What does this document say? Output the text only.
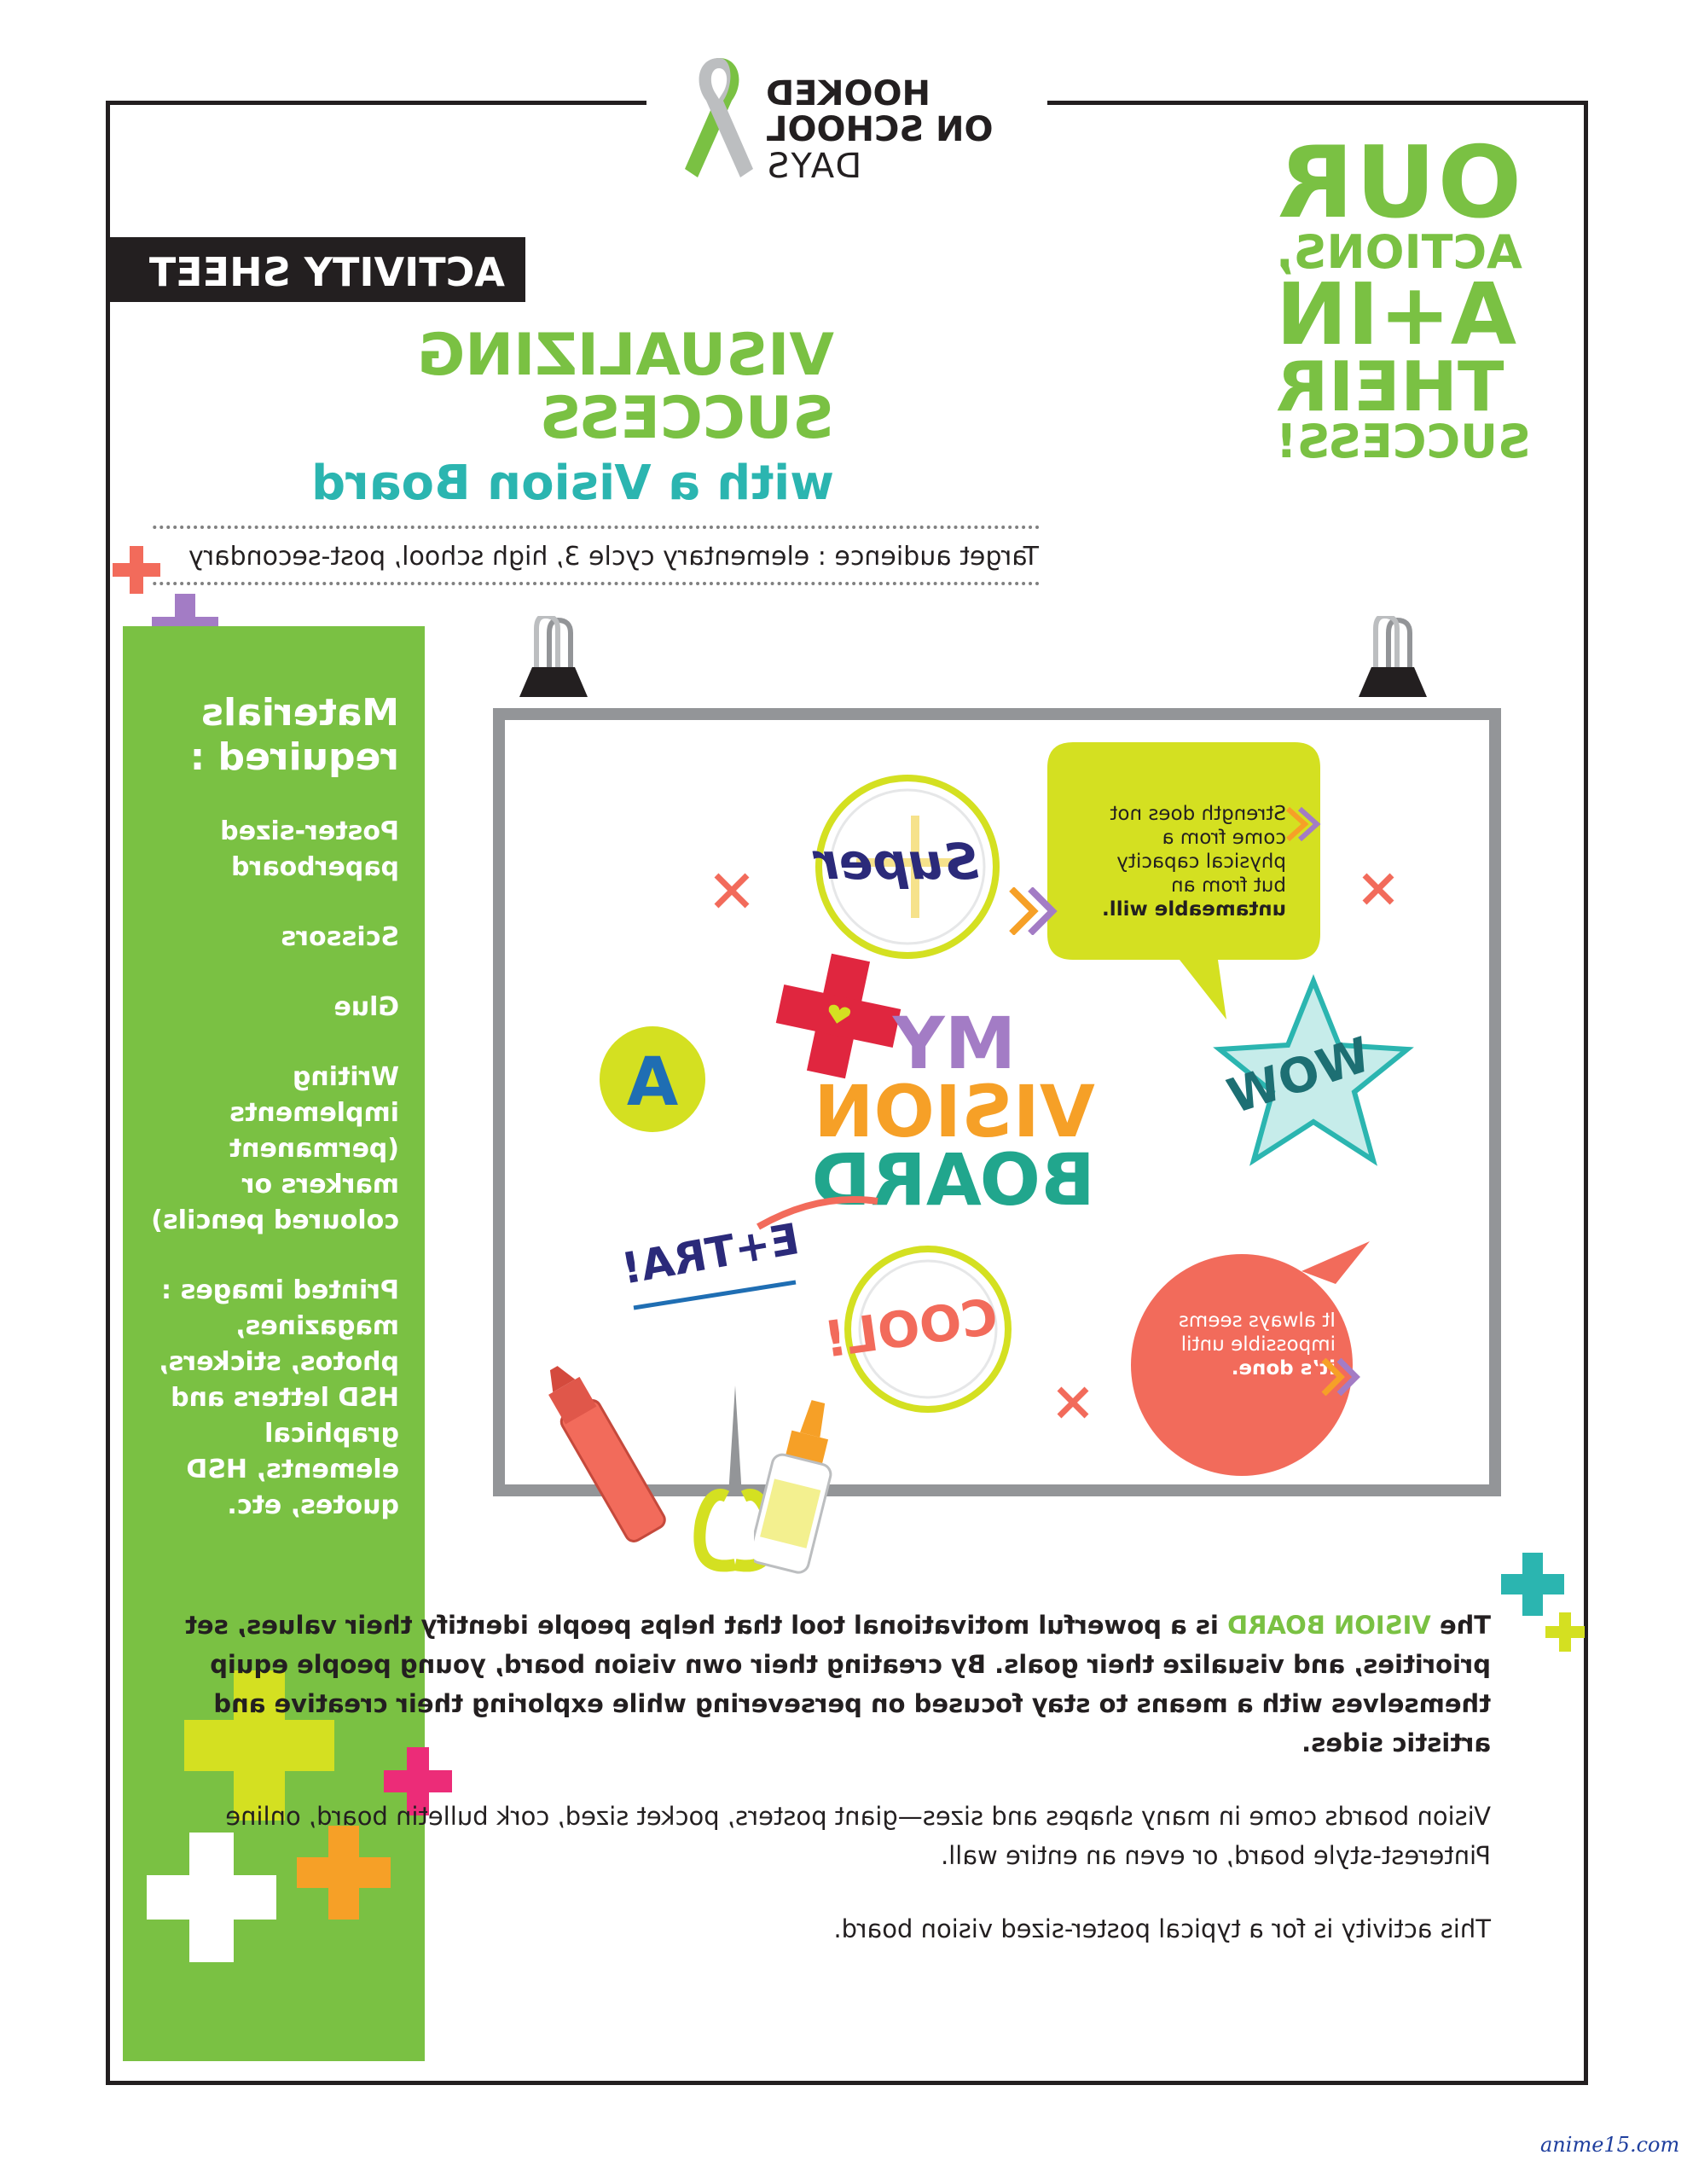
HOOKED
ON SCHOOL
DAYS	OUR
ACTIONS,
A+IN
THEIR
SUCCESS!
ACTIVITY SHEET
VISUALIZING
SUCCESS
with a Vision Board
Target audience : elementary cycle 3, high school, post-secondary
Materials required :
Poster-sized paperboard
Scissors
Glue
Writing implements (permanent markers or coloured pencils)
Printed images : magazines, photos, stickers, HSD letters and graphical elements, HSD quotes, etc.
Super
Strength does not come from a physical capacity but from an untameable will.
WOW
A	MY
VISION
BOARD
E+TRA!
COOL!	It always seems impossible until it’s done.

The VISION BOARD is a powerful motivational tool that helps people identify their values, set priorities, and visualize their goals. By creating their own vision board, young people equip themselves with a means to stay focused on persevering while exploring their creative and artistic sides.

Vision boards come in many shapes and sizes—giant posters, pocket sized, cork bulletin board, online Pinterest-style board, or even an entire wall.

This activity is for a typical poster-sized vision board.

anime15.com
